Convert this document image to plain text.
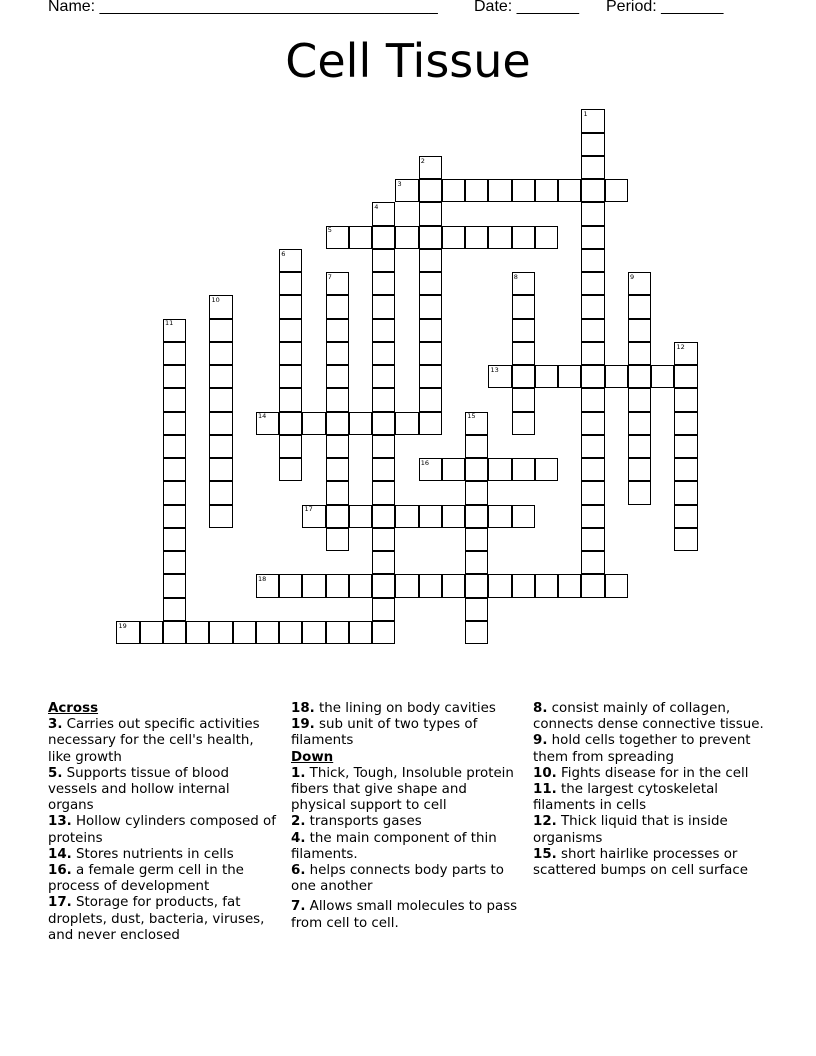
Name: ______________________________________ Date: _______ Period: _______
Cell Tissue
1
2
3
4
5
6
7	8	9
10
11
12
13
14	15
16
17
18
19

Across

3. Carries out specific activities necessary for the cell's health, like growth

5. Supports tissue of blood vessels and hollow internal organs

13. Hollow cylinders composed of proteins

14. Stores nutrients in cells

16. a female germ cell in the process of development

17. Storage for products, fat droplets, dust, bacteria, viruses, and never enclosed

18. the lining on body cavities

19. sub unit of two types of filaments

Down

1. Thick, Tough, Insoluble protein fibers that give shape and physical support to cell

2. transports gases

4. the main component of thin filaments.

6. helps connects body parts to one another

7. Allows small molecules to pass from cell to cell.

8. consist mainly of collagen, connects dense connective tissue.

9. hold cells together to prevent them from spreading

10. Fights disease for in the cell

11. the largest cytoskeletal filaments in cells

12. Thick liquid that is inside organisms

15. short hairlike processes or scattered bumps on cell surface
